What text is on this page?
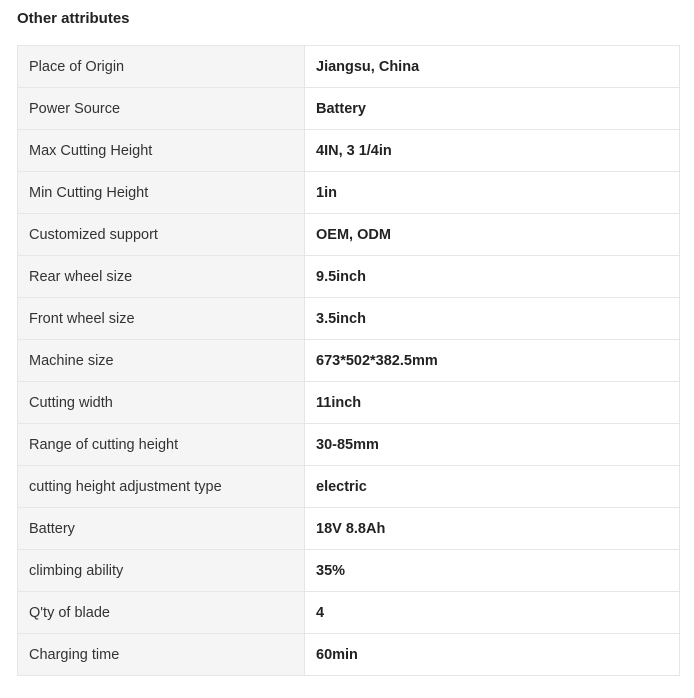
Other attributes
Place of Origin	Jiangsu, China
Power Source	Battery
Max Cutting Height	4IN, 3 1/4in
Min Cutting Height	1in
Customized support	OEM, ODM
Rear wheel size	9.5inch
Front wheel size	3.5inch
Machine size	673*502*382.5mm
Cutting width	11inch
Range of cutting height	30-85mm
cutting height adjustment type	electric
Battery	18V 8.8Ah
climbing ability	35%
Q'ty of blade	4
Charging time	60min
